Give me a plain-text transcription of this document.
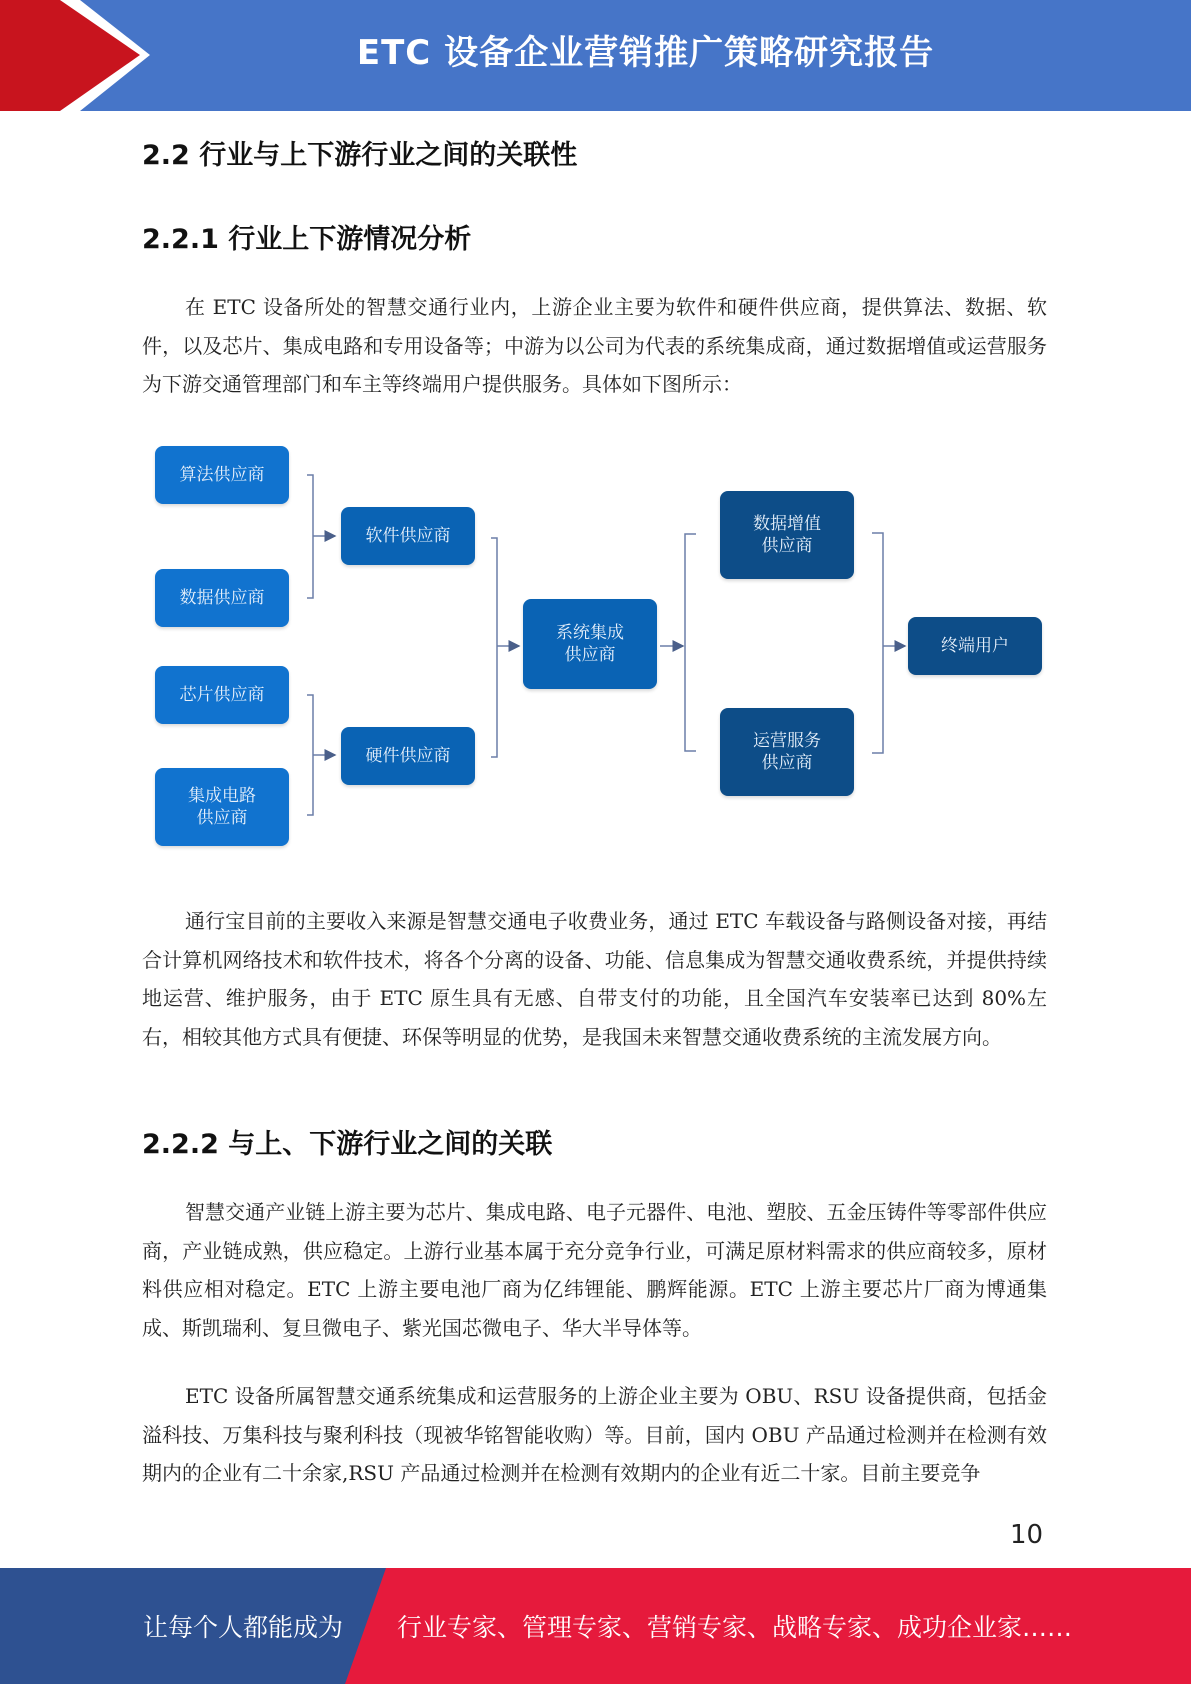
ETC 设备企业营销推广策略研究报告
2.2 行业与上下游行业之间的关联性
2.2.1 行业上下游情况分析

在 ETC 设备所处的智慧交通行业内，上游企业主要为软件和硬件供应商，提供算法、数据、软件，以及芯片、集成电路和专用设备等；中游为以公司为代表的系统集成商，通过数据增值或运营服务为下游交通管理部门和车主等终端用户提供服务。具体如下图所示：

算法供应商
数据供应商
芯片供应商
集成电路
供应商
软件供应商
硬件供应商
系统集成
供应商
数据增值
供应商
运营服务
供应商
终端用户

通行宝目前的主要收入来源是智慧交通电子收费业务，通过 ETC 车载设备与路侧设备对接，再结合计算机网络技术和软件技术，将各个分离的设备、功能、信息集成为智慧交通收费系统，并提供持续地运营、维护服务，由于 ETC 原生具有无感、自带支付的功能，且全国汽车安装率已达到 80%左右，相较其他方式具有便捷、环保等明显的优势，是我国未来智慧交通收费系统的主流发展方向。

2.2.2 与上、下游行业之间的关联

智慧交通产业链上游主要为芯片、集成电路、电子元器件、电池、塑胶、五金压铸件等零部件供应商，产业链成熟，供应稳定。上游行业基本属于充分竞争行业，可满足原材料需求的供应商较多，原材料供应相对稳定。ETC 上游主要电池厂商为亿纬锂能、鹏辉能源。ETC 上游主要芯片厂商为博通集成、斯凯瑞利、复旦微电子、紫光国芯微电子、华大半导体等。

ETC 设备所属智慧交通系统集成和运营服务的上游企业主要为 OBU、RSU 设备提供商，包括金溢科技、万集科技与聚利科技（现被华铭智能收购）等。目前，国内 OBU 产品通过检测并在检测有效期内的企业有二十余家,RSU 产品通过检测并在检测有效期内的企业有近二十家。目前主要竞争

10
让每个人都能成为 行业专家、管理专家、营销专家、战略专家、成功企业家……
